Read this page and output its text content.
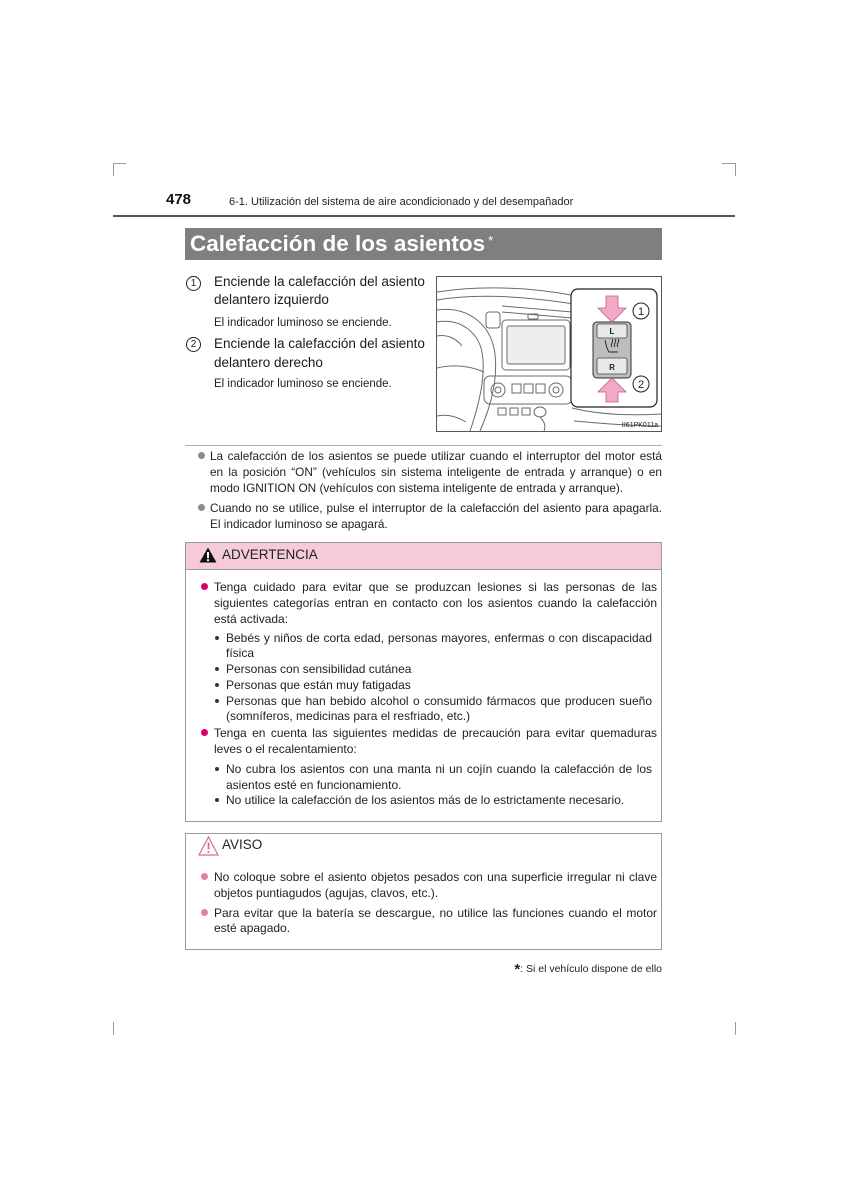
478	6-1. Utilización del sistema de aire acondicionado y del desempañador
Calefacción de los asientos *
1	Enciende la calefacción del asiento
delantero izquierdo
El indicador luminoso se enciende.
2	Enciende la calefacción del asiento
delantero derecho
El indicador luminoso se enciende.
L
R
1
2
II61PK011a
La calefacción de los asientos se puede utilizar cuando el interruptor del motor está
en la posición “ON” (vehículos sin sistema inteligente de entrada y arranque) o en
modo IGNITION ON (vehículos con sistema inteligente de entrada y arranque).
Cuando no se utilice, pulse el interruptor de la calefacción del asiento para apagarla.
El indicador luminoso se apagará.
ADVERTENCIA
Tenga cuidado para evitar que se produzcan lesiones si las personas de las
siguientes categorías entran en contacto con los asientos cuando la calefacción
está activada:
Bebés y niños de corta edad, personas mayores, enfermas o con discapacidad
física
Personas con sensibilidad cutánea
Personas que están muy fatigadas
Personas que han bebido alcohol o consumido fármacos que producen sueño
(somníferos, medicinas para el resfriado, etc.)
Tenga en cuenta las siguientes medidas de precaución para evitar quemaduras
leves o el recalentamiento:
No cubra los asientos con una manta ni un cojín cuando la calefacción de los
asientos esté en funcionamiento.
No utilice la calefacción de los asientos más de lo estrictamente necesario.
AVISO
No coloque sobre el asiento objetos pesados con una superficie irregular ni clave
objetos puntiagudos (agujas, clavos, etc.).
Para evitar que la batería se descargue, no utilice las funciones cuando el motor
esté apagado.
*: Si el vehículo dispone de ello
